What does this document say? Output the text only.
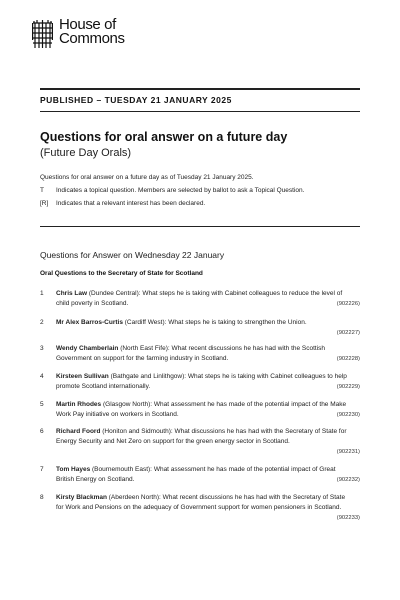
House of
Commons
PUBLISHED – TUESDAY 21 JANUARY 2025
Questions for oral answer on a future day
(Future Day Orals)
Questions for oral answer on a future day as of Tuesday 21 January 2025.
T	Indicates a topical question. Members are selected by ballot to ask a Topical Question.
[R]	Indicates that a relevant interest has been declared.
Questions for Answer on Wednesday 22 January
Oral Questions to the Secretary of State for Scotland
1	Chris Law (Dundee Central): What steps he is taking with Cabinet colleagues to reduce the level of child poverty in Scotland.	(902226)
2	Mr Alex Barros-Curtis (Cardiff West): What steps he is taking to strengthen the Union.
(902227)
3	Wendy Chamberlain (North East Fife): What recent discussions he has had with the Scottish Government on support for the farming industry in Scotland.	(902228)
4	Kirsteen Sullivan (Bathgate and Linlithgow): What steps he is taking with Cabinet colleagues to help promote Scotland internationally.	(902229)
5	Martin Rhodes (Glasgow North): What assessment he has made of the potential impact of the Make Work Pay initiative on workers in Scotland.	(902230)
6	Richard Foord (Honiton and Sidmouth): What discussions he has had with the Secretary of State for Energy Security and Net Zero on support for the green energy sector in Scotland.
(902231)
7	Tom Hayes (Bournemouth East): What assessment he has made of the potential impact of Great British Energy on Scotland.	(902232)
8	Kirsty Blackman (Aberdeen North): What recent discussions he has had with the Secretary of State for Work and Pensions on the adequacy of Government support for women pensioners in Scotland.
(902233)
